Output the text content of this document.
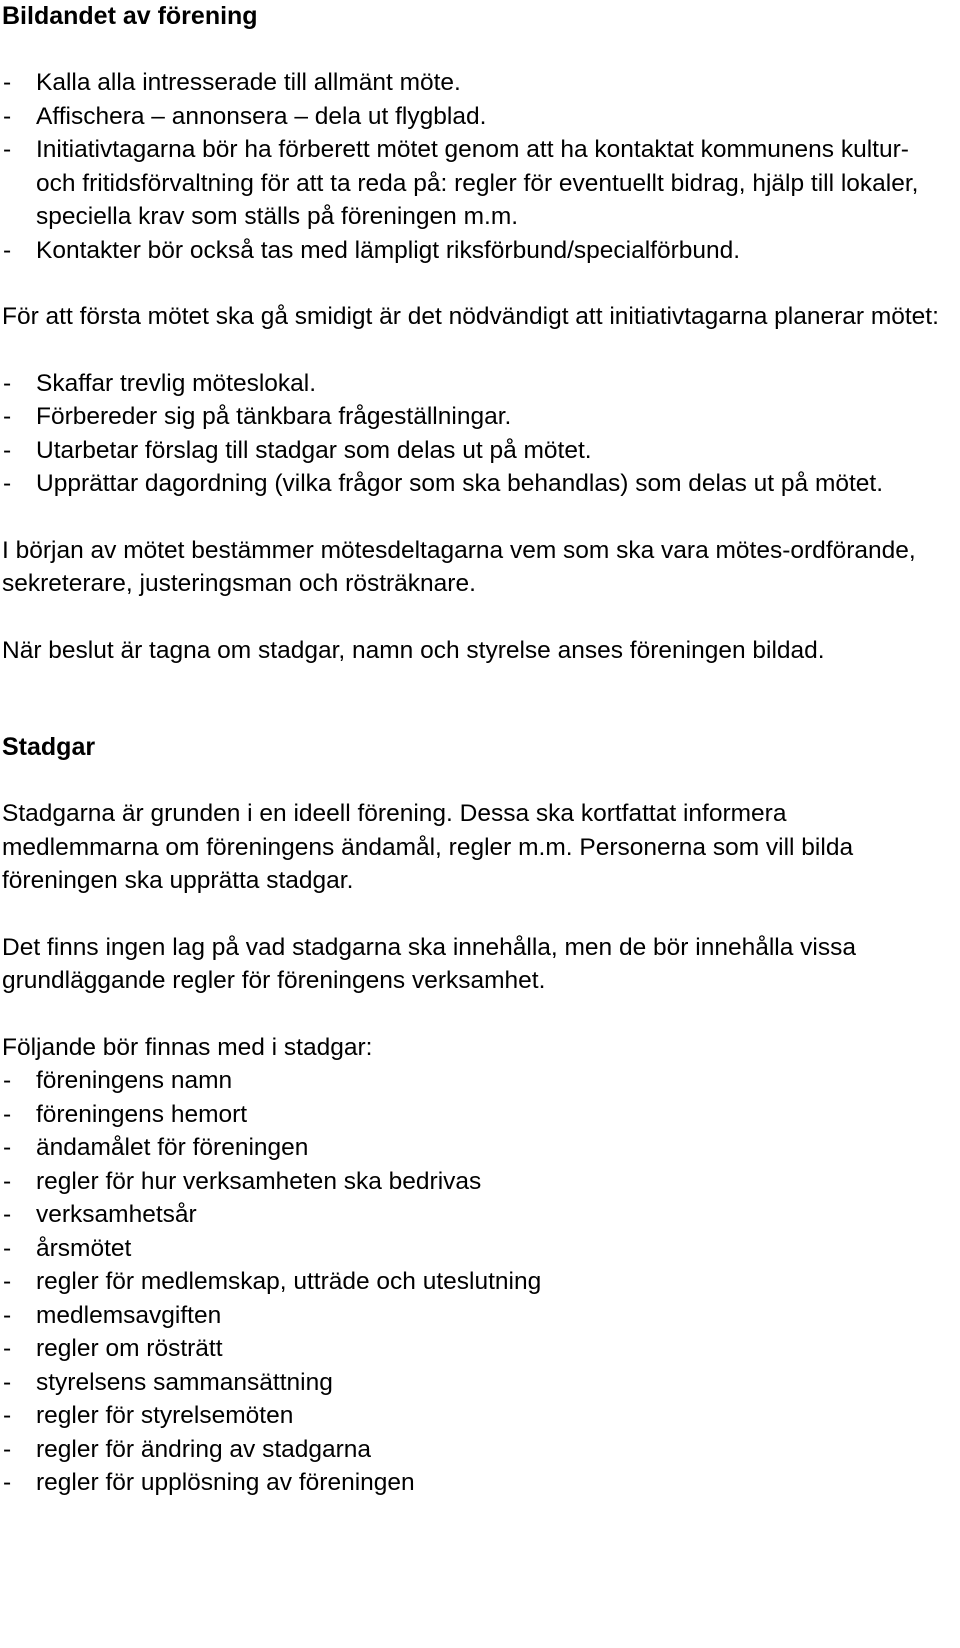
Bildandet av förening
- Kalla alla intresserade till allmänt möte.
- Affischera – annonsera – dela ut flygblad.
- Initiativtagarna bör ha förberett mötet genom att ha kontaktat kommunens kultur- och fritidsförvaltning för att ta reda på: regler för eventuellt bidrag, hjälp till lokaler, speciella krav som ställs på föreningen m.m.
- Kontakter bör också tas med lämpligt riksförbund/specialförbund.

För att första mötet ska gå smidigt är det nödvändigt att initiativtagarna planerar mötet:

- Skaffar trevlig möteslokal.
- Förbereder sig på tänkbara frågeställningar.
- Utarbetar förslag till stadgar som delas ut på mötet.
- Upprättar dagordning (vilka frågor som ska behandlas) som delas ut på mötet.

I början av mötet bestämmer mötesdeltagarna vem som ska vara mötes-ordförande, sekreterare, justeringsman och rösträknare.

När beslut är tagna om stadgar, namn och styrelse anses föreningen bildad.

Stadgar

Stadgarna är grunden i en ideell förening. Dessa ska kortfattat informera medlemmarna om föreningens ändamål, regler m.m. Personerna som vill bilda föreningen ska upprätta stadgar.

Det finns ingen lag på vad stadgarna ska innehålla, men de bör innehålla vissa grundläggande regler för föreningens verksamhet.

Följande bör finnas med i stadgar:

- föreningens namn
- föreningens hemort
- ändamålet för föreningen
- regler för hur verksamheten ska bedrivas
- verksamhetsår
- årsmötet
- regler för medlemskap, utträde och uteslutning
- medlemsavgiften
- regler om rösträtt
- styrelsens sammansättning
- regler för styrelsemöten
- regler för ändring av stadgarna
- regler för upplösning av föreningen
